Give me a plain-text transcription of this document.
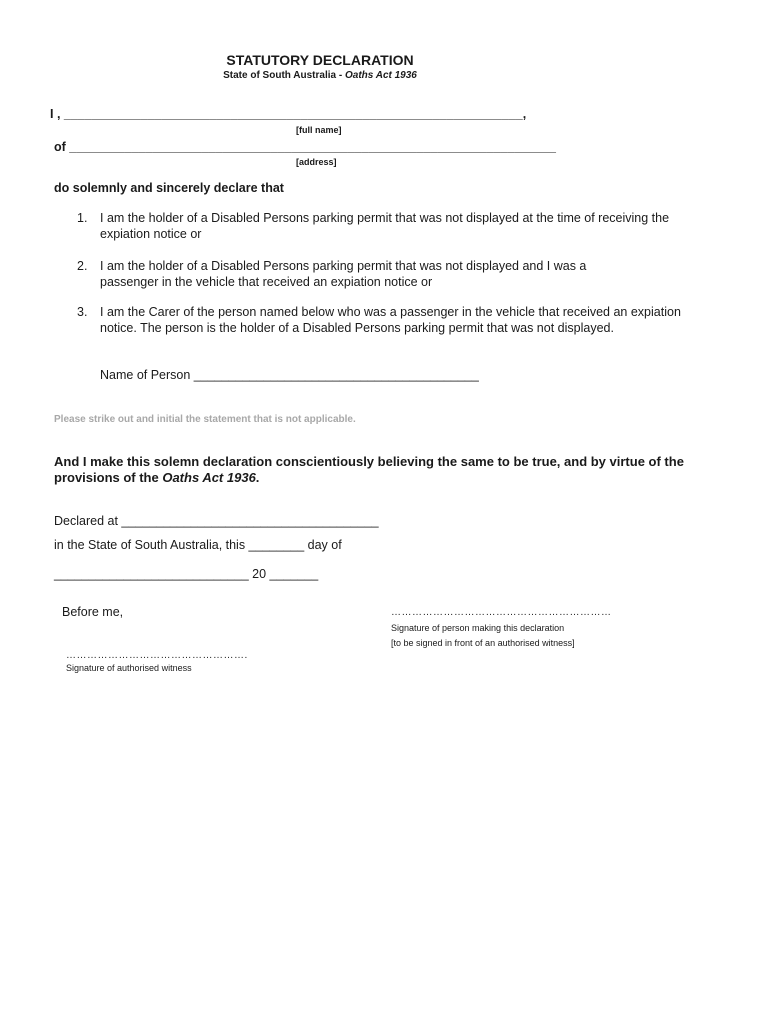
STATUTORY DECLARATION
State of South Australia - Oaths Act 1936
I , __________________________________________________________________,
[full name]
of ______________________________________________________________________
[address]
do solemnly and sincerely declare that
1. I am the holder of a Disabled Persons parking permit that was not displayed at the time of receiving the expiation notice or
2. I am the holder of a Disabled Persons parking permit that was not displayed and I was a passenger in the vehicle that received an expiation notice or
3. I am the Carer of the person named below who was a passenger in the vehicle that received an expiation notice. The person is the holder of a Disabled Persons parking permit that was not displayed.
Name of Person _________________________________________
Please strike out and initial the statement that is not applicable.
And I make this solemn declaration conscientiously believing the same to be true, and by virtue of the provisions of the Oaths Act 1936.
Declared at _____________________________________
in the State of South Australia, this ________ day of
____________________________ 20 _______
Before me,	………………………………………………………
Signature of person making this declaration
[to be signed in front of an authorised witness]
…………………………………………….
Signature of authorised witness
